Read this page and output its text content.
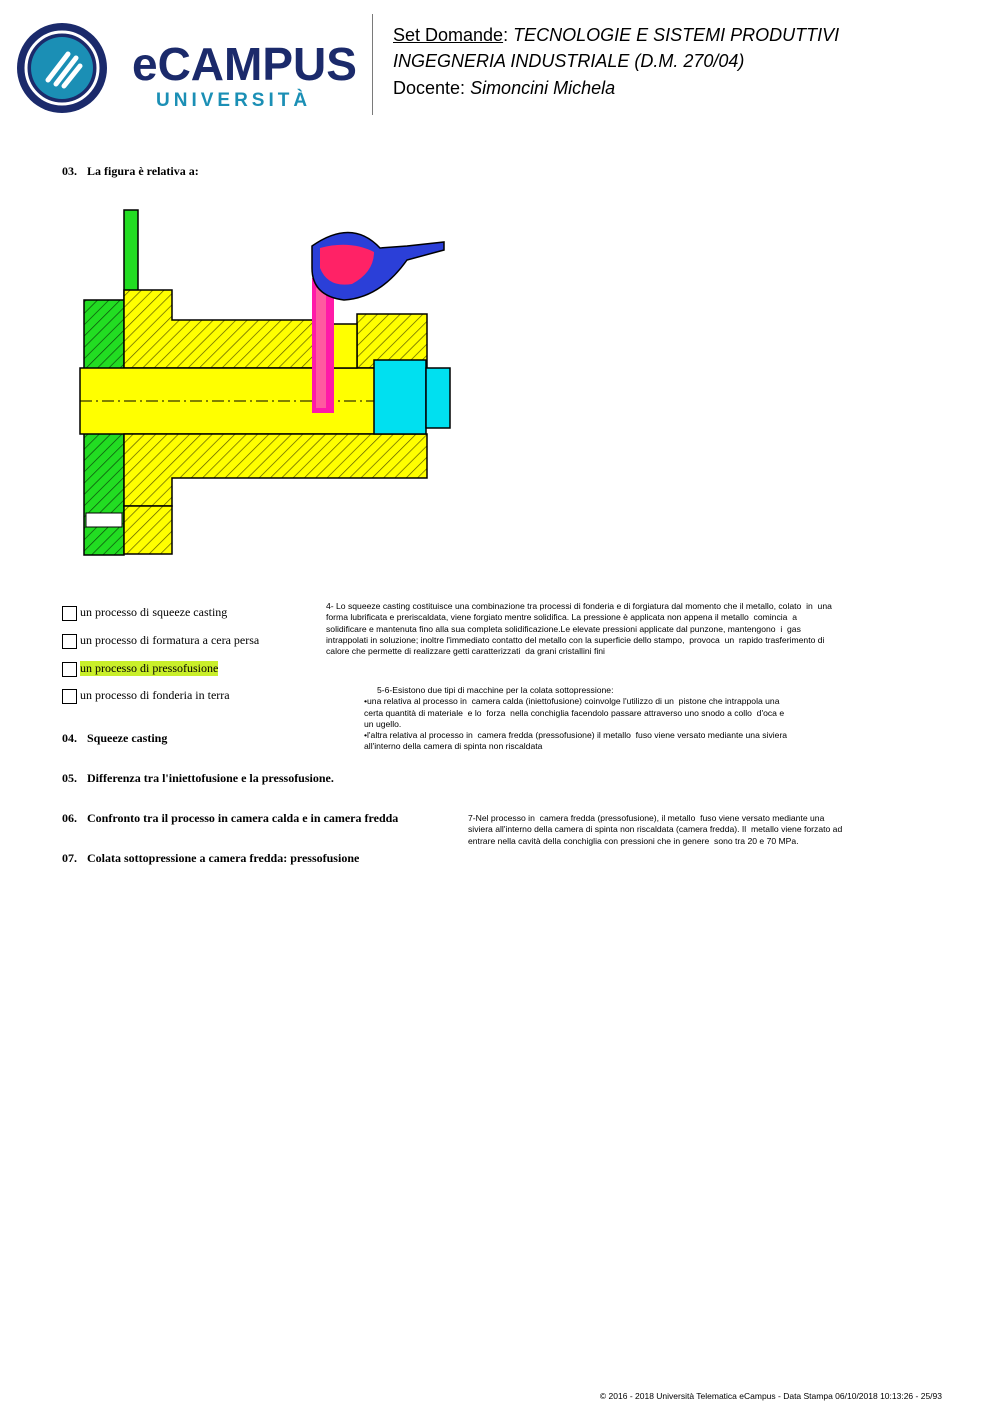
eCAMPUS
UNIVERSITÀ
Set Domande: TECNOLOGIE E SISTEMI PRODUTTIVI
INGEGNERIA INDUSTRIALE (D.M. 270/04)
Docente: Simoncini Michela
03. La figura è relativa a:
un processo di squeeze casting
un processo di formatura a cera persa
un processo di pressofusione
un processo di fonderia in terra
4- Lo squeeze casting costituisce una combinazione tra processi di fonderia e di forgiatura dal momento che il metallo, colato  in  una
forma lubrificata e preriscaldata, viene forgiato mentre solidifica. La pressione è applicata non appena il metallo  comincia  a
solidificare e mantenuta fino alla sua completa solidificazione.Le elevate pressioni applicate dal punzone, mantengono  i  gas
intrappolati in soluzione; inoltre l'immediato contatto del metallo con la superficie dello stampo,  provoca  un  rapido trasferimento di
calore che permette di realizzare getti caratterizzati  da grani cristallini fini
5-6-Esistono due tipi di macchine per la colata sottopressione:
•una relativa al processo in  camera calda (iniettofusione) coinvolge l'utilizzo di un  pistone che intrappola una
certa quantità di materiale  e lo  forza  nella conchiglia facendolo passare attraverso uno snodo a collo  d'oca e
un ugello.
•l'altra relativa al processo in  camera fredda (pressofusione) il metallo  fuso viene versato mediante una siviera
all'interno della camera di spinta non riscaldata
7-Nel processo in  camera fredda (pressofusione), il metallo  fuso viene versato mediante una
siviera all'interno della camera di spinta non riscaldata (camera fredda). Il  metallo viene forzato ad
entrare nella cavità della conchiglia con pressioni che in genere  sono tra 20 e 70 MPa.
04. Squeeze casting
05. Differenza tra l'iniettofusione e la pressofusione.
06. Confronto tra il processo in camera calda e in camera fredda
07. Colata sottopressione a camera fredda: pressofusione
© 2016 - 2018 Università Telematica eCampus - Data Stampa 06/10/2018 10:13:26 - 25/93
